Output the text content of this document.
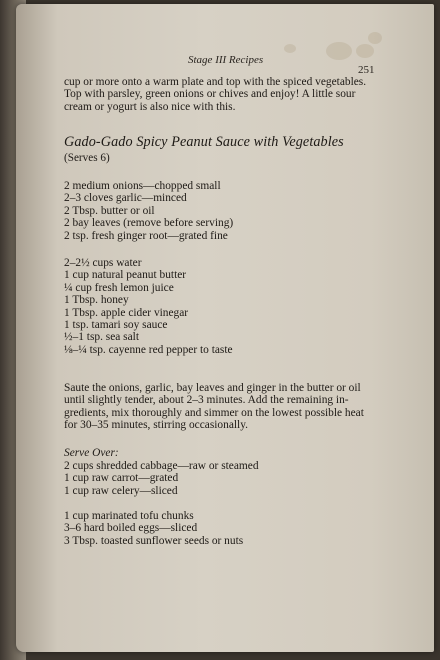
Stage III Recipes
251

cup or more onto a warm plate and top with the spiced vegetables.

Top with parsley, green onions or chives and enjoy! A little sour

cream or yogurt is also nice with this.

Gado-Gado Spicy Peanut Sauce with Vegetables
(Serves 6)
2 medium onions—chopped small
2–3 cloves garlic—minced
2 Tbsp. butter or oil
2 bay leaves (remove before serving)
2 tsp. fresh ginger root—grated fine
2–2½ cups water
1 cup natural peanut butter
¼ cup fresh lemon juice
1 Tbsp. honey
1 Tbsp. apple cider vinegar
1 tsp. tamari soy sauce
½–1 tsp. sea salt
⅛–¼ tsp. cayenne red pepper to taste
Saute the onions, garlic, bay leaves and ginger in the butter or oil
until slightly tender, about 2–3 minutes. Add the remaining in-
gredients, mix thoroughly and simmer on the lowest possible heat
for 30–35 minutes, stirring occasionally.
Serve Over:
2 cups shredded cabbage—raw or steamed
1 cup raw carrot—grated
1 cup raw celery—sliced
1 cup marinated tofu chunks
3–6 hard boiled eggs—sliced
3 Tbsp. toasted sunflower seeds or nuts
